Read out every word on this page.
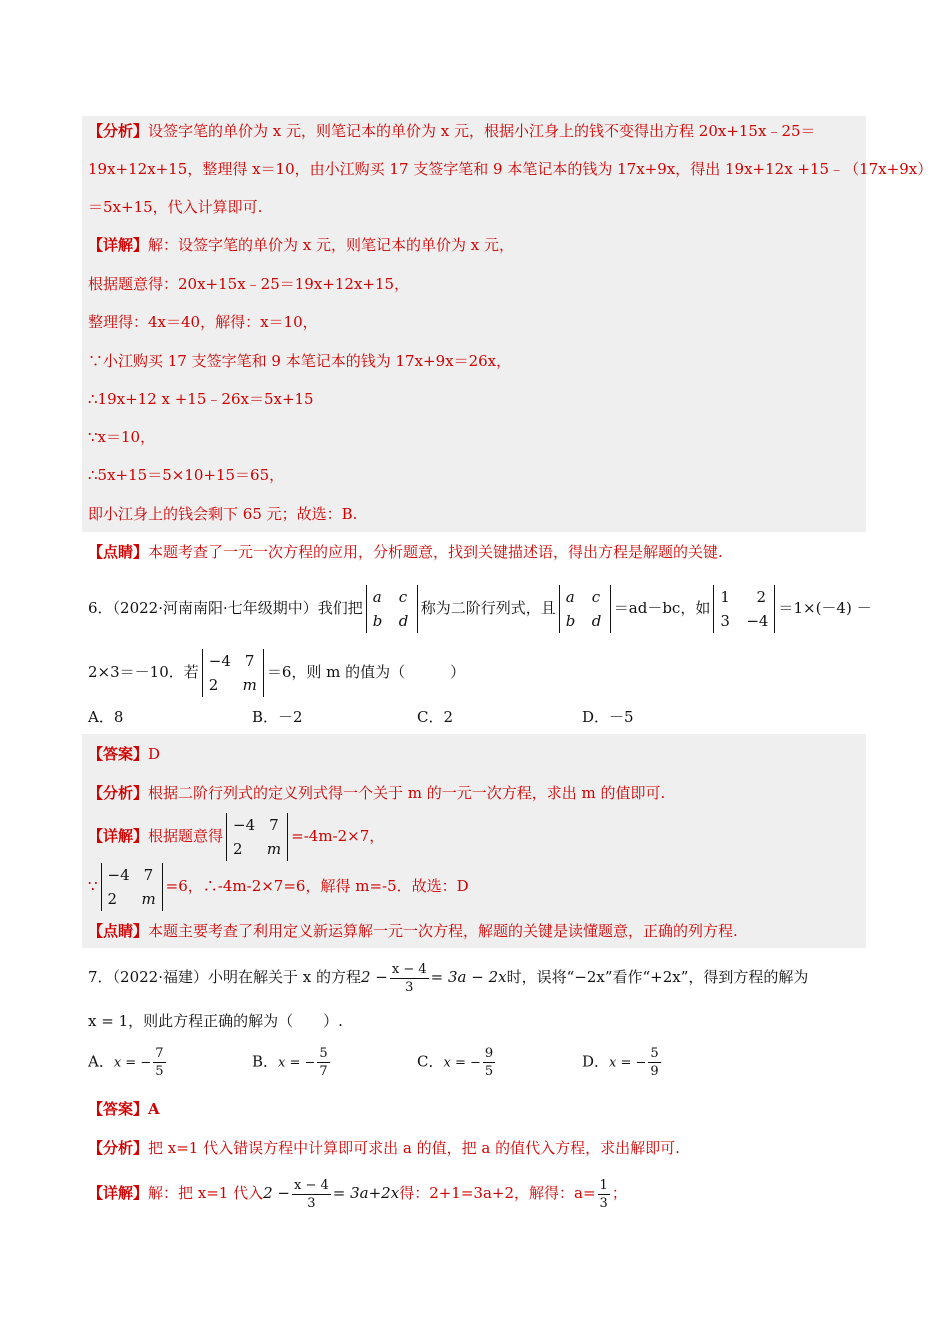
【分析】设签字笔的单价为 x 元，则笔记本的单价为 x 元，根据小江身上的钱不变得出方程 20x+15x﹣25＝
19x+12x+15，整理得 x＝10，由小江购买 17 支签字笔和 9 本笔记本的钱为 17x+9x，得出 19x+12x +15﹣（17x+9x）
＝5x+15，代入计算即可.
【详解】解：设签字笔的单价为 x 元，则笔记本的单价为 x 元，
根据题意得：20x+15x﹣25＝19x+12x+15，
整理得：4x＝40，解得：x＝10，
∵小江购买 17 支签字笔和 9 本笔记本的钱为 17x+9x＝26x，
∴19x+12 x +15﹣26x＝5x+15
∵x＝10，
∴5x+15＝5×10+15＝65，
即小江身上的钱会剩下 65 元；故选：B.
【点睛】本题考查了一元一次方程的应用，分析题意，找到关键描述语，得出方程是解题的关键.
6．（2022·河南南阳·七年级期中）我们把
a c
b d
称为二阶行列式，且
a c
b d
＝ad－bc，如
1 2
3 −4
＝1×(－4) －
2×3＝－10．若
−4 7
2 m
＝6，则 m 的值为（　　　）
A．8	B．－2	C．2	D．－5
【答案】D
【分析】根据二阶行列式的定义列式得一个关于 m 的一元一次方程，求出 m 的值即可.
【详解】根据题意得
−4 7
2 m
=-4m-2×7，
∵
−4 7
2 m
=6，∴-4m-2×7=6，解得 m=-5．故选：D
【点睛】本题主要考查了利用定义新运算解一元一次方程，解题的关键是读懂题意，正确的列方程.
7．（2022·福建）小明在解关于 x 的方程$2 - \frac{x - 4}{3} = 3a - 2x$时，误将“−2x”看作“+2x”，得到方程的解为
x = 1，则此方程正确的解为（　　）.
A．x = − $\frac{7}{5}$	B．x = − $\frac{5}{7}$	C．x = − $\frac{9}{5}$	D．x = − $\frac{5}{9}$
【答案】A
【分析】把 x=1 代入错误方程中计算即可求出 a 的值，把 a 的值代入方程，求出解即可.
【详解】解：把 x=1 代入$2 - \frac{x - 4}{3} = 3a+2x$得：2+1=3a+2，解得：$a= \frac{1}{3}$ ；
